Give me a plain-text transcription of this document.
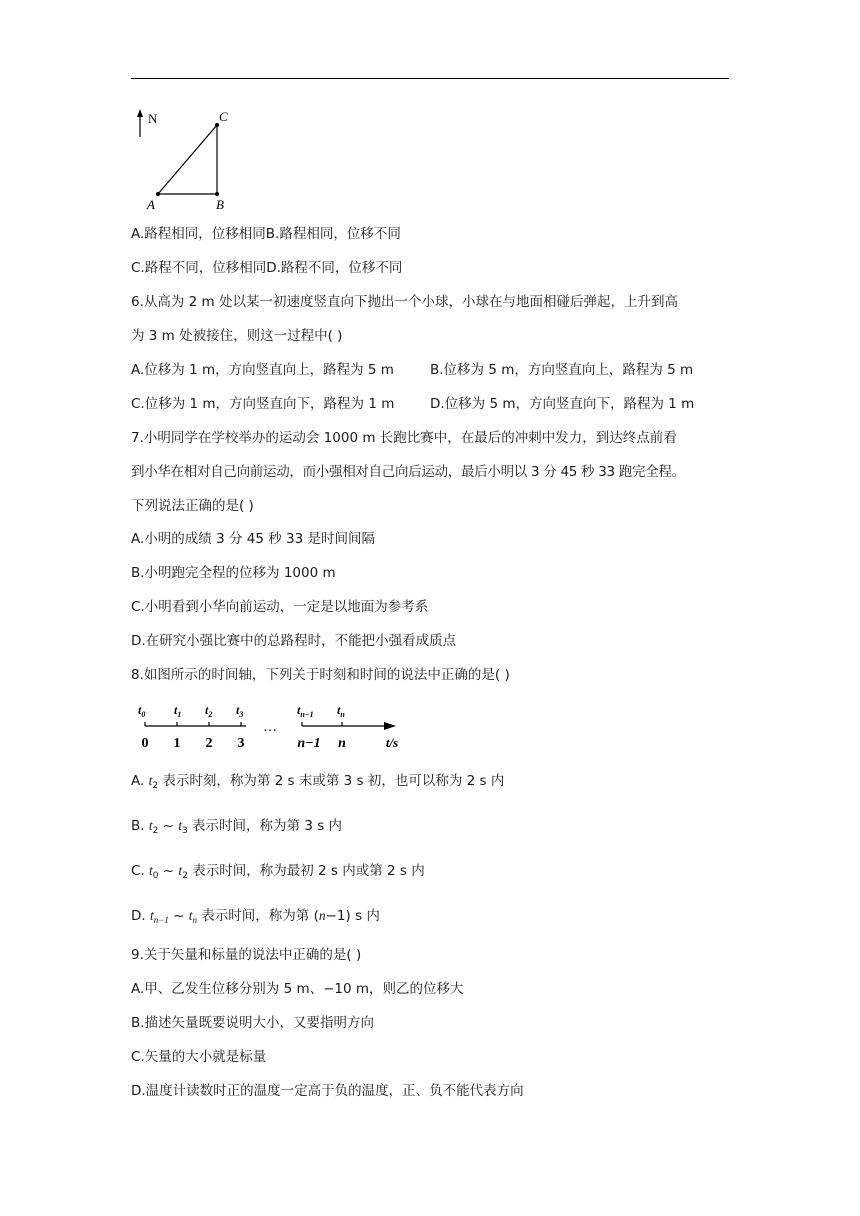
N
A	B
C
A.路程相同，位移相同B.路程相同，位移不同
C.路程不同，位移相同D.路程不同，位移不同
6.从高为 2 m 处以某一初速度竖直向下抛出一个小球，小球在与地面相碰后弹起，上升到高
为 3 m 处被接住，则这一过程中( )
A.位移为 1 m，方向竖直向上，路程为 5 m	B.位移为 5 m，方向竖直向上，路程为 5 m
C.位移为 1 m，方向竖直向下，路程为 1 m	D.位移为 5 m，方向竖直向下，路程为 1 m
7.小明同学在学校举办的运动会 1000 m 长跑比赛中，在最后的冲刺中发力，到达终点前看
到小华在相对自己向前运动，而小强相对自己向后运动，最后小明以 3 分 45 秒 33 跑完全程。
下列说法正确的是( )
A.小明的成绩 3 分 45 秒 33 是时间间隔
B.小明跑完全程的位移为 1000 m
C.小明看到小华向前运动，一定是以地面为参考系
D.在研究小强比赛中的总路程时，不能把小强看成质点
8.如图所示的时间轴，下列关于时刻和时间的说法中正确的是( )
$t_0$ $t_1$ $t_2$ $t_3$	$t_{n-1}$ $t_n$
…
0 1 2 3	n−1 n	t/s
A. $t_2$ 表示时刻，称为第 2 s 末或第 3 s 初，也可以称为 2 s 内
B. $t_2$ ~ $t_3$ 表示时间，称为第 3 s 内
C. $t_0$ ~ $t_2$ 表示时间，称为最初 2 s 内或第 2 s 内
D. $t_{n-1}$ ~ $t_n$ 表示时间，称为第 (n−1) s 内
9.关于矢量和标量的说法中正确的是( )
A.甲、乙发生位移分别为 5 m、−10 m，则乙的位移大
B.描述矢量既要说明大小，又要指明方向
C.矢量的大小就是标量
D.温度计读数时正的温度一定高于负的温度，正、负不能代表方向
